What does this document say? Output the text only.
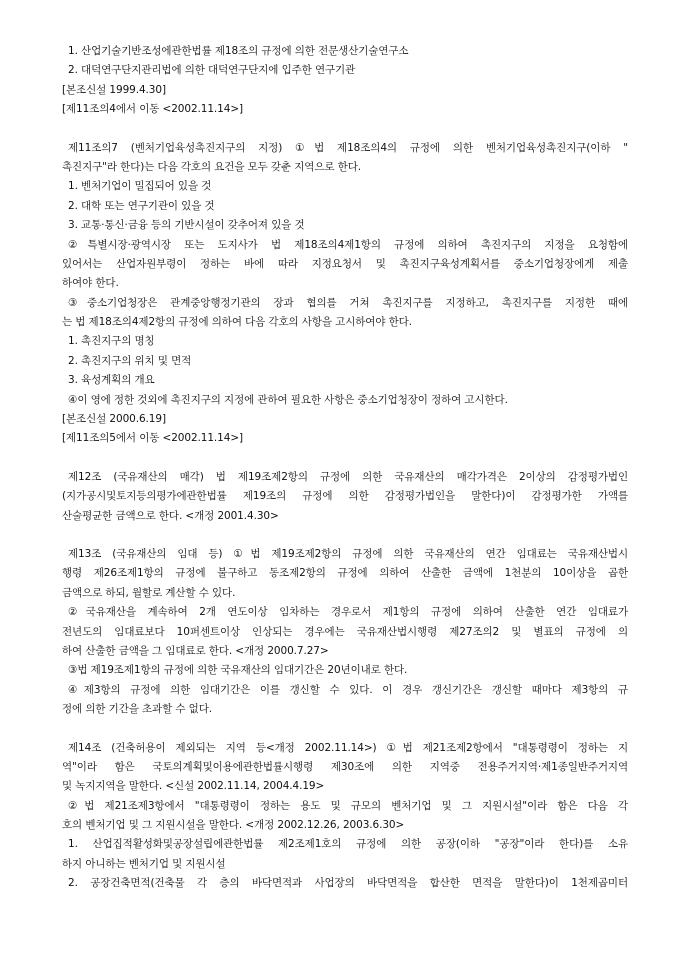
1. 산업기술기반조성에관한법률 제18조의 규정에 의한 전문생산기술연구소
2. 대덕연구단지관리법에 의한 대덕연구단지에 입주한 연구기관
[본조신설 1999.4.30]
[제11조의4에서 이동 <2002.11.14>]
제11조의7 (벤처기업육성촉진지구의 지정) ①법 제18조의4의 규정에 의한 벤처기업육성촉진지구(이하 "
촉진지구"라 한다)는 다음 각호의 요건을 모두 갖춘 지역으로 한다.
1. 벤처기업이 밀집되어 있을 것
2. 대학 또는 연구기관이 있을 것
3. 교통·통신·금융 등의 기반시설이 갖추어져 있을 것
②특별시장·광역시장 또는 도지사가 법 제18조의4제1항의 규정에 의하여 촉진지구의 지정을 요청함에
있어서는 산업자원부령이 정하는 바에 따라 지정요청서 및 촉진지구육성계획서를 중소기업청장에게 제출
하여야 한다.
③중소기업청장은 관계중앙행정기관의 장과 협의를 거쳐 촉진지구를 지정하고, 촉진지구를 지정한 때에
는 법 제18조의4제2항의 규정에 의하여 다음 각호의 사항을 고시하여야 한다.
1. 촉진지구의 명칭
2. 촉진지구의 위치 및 면적
3. 육성계획의 개요
④이 영에 정한 것외에 촉진지구의 지정에 관하여 필요한 사항은 중소기업청장이 정하여 고시한다.
[본조신설 2000.6.19]
[제11조의5에서 이동 <2002.11.14>]
제12조 (국유재산의 매각) 법 제19조제2항의 규정에 의한 국유재산의 매각가격은 2이상의 감정평가법인
(지가공시및토지등의평가에관한법률 제19조의 규정에 의한 감정평가법인을 말한다)이 감정평가한 가액를
산술평균한 금액으로 한다. <개정 2001.4.30>
제13조 (국유재산의 임대 등) ①법 제19조제2항의 규정에 의한 국유재산의 연간 임대료는 국유재산법시
행령 제26조제1항의 규정에 불구하고 동조제2항의 규정에 의하여 산출한 금액에 1천분의 10이상을 곱한
금액으로 하되, 월할로 계산할 수 있다.
②국유재산을 계속하여 2개 연도이상 임차하는 경우로서 제1항의 규정에 의하여 산출한 연간 임대료가
전년도의 임대료보다 10퍼센트이상 인상되는 경우에는 국유재산법시행령 제27조의2 및 별표의 규정에 의
하여 산출한 금액을 그 임대료로 한다. <개정 2000.7.27>
③법 제19조제1항의 규정에 의한 국유재산의 임대기간은 20년이내로 한다.
④제3항의 규정에 의한 임대기간은 이를 갱신할 수 있다. 이 경우 갱신기간은 갱신할 때마다 제3항의 규
정에 의한 기간을 초과할 수 없다.
제14조 (건축허용이 제외되는 지역 등<개정 2002.11.14>) ①법 제21조제2항에서 "대통령령이 정하는 지
역"이라 함은 국토의계획및이용에관한법률시행령 제30조에 의한 지역중 전용주거지역·제1종일반주거지역
및 녹지지역을 말한다. <신설 2002.11.14, 2004.4.19>
②법 제21조제3항에서 "대통령령이 정하는 용도 및 규모의 벤처기업 및 그 지원시설"이라 함은 다음 각
호의 벤처기업 및 그 지원시설을 말한다. <개정 2002.12.26, 2003.6.30>
1. 산업집적활성화및공장설립에관한법률 제2조제1호의 규정에 의한 공장(이하 "공장"이라 한다)를 소유
하지 아니하는 벤처기업 및 지원시설
2. 공장건축면적(건축물 각 층의 바닥면적과 사업장의 바닥면적을 합산한 면적을 말한다)이 1천제곱미터
